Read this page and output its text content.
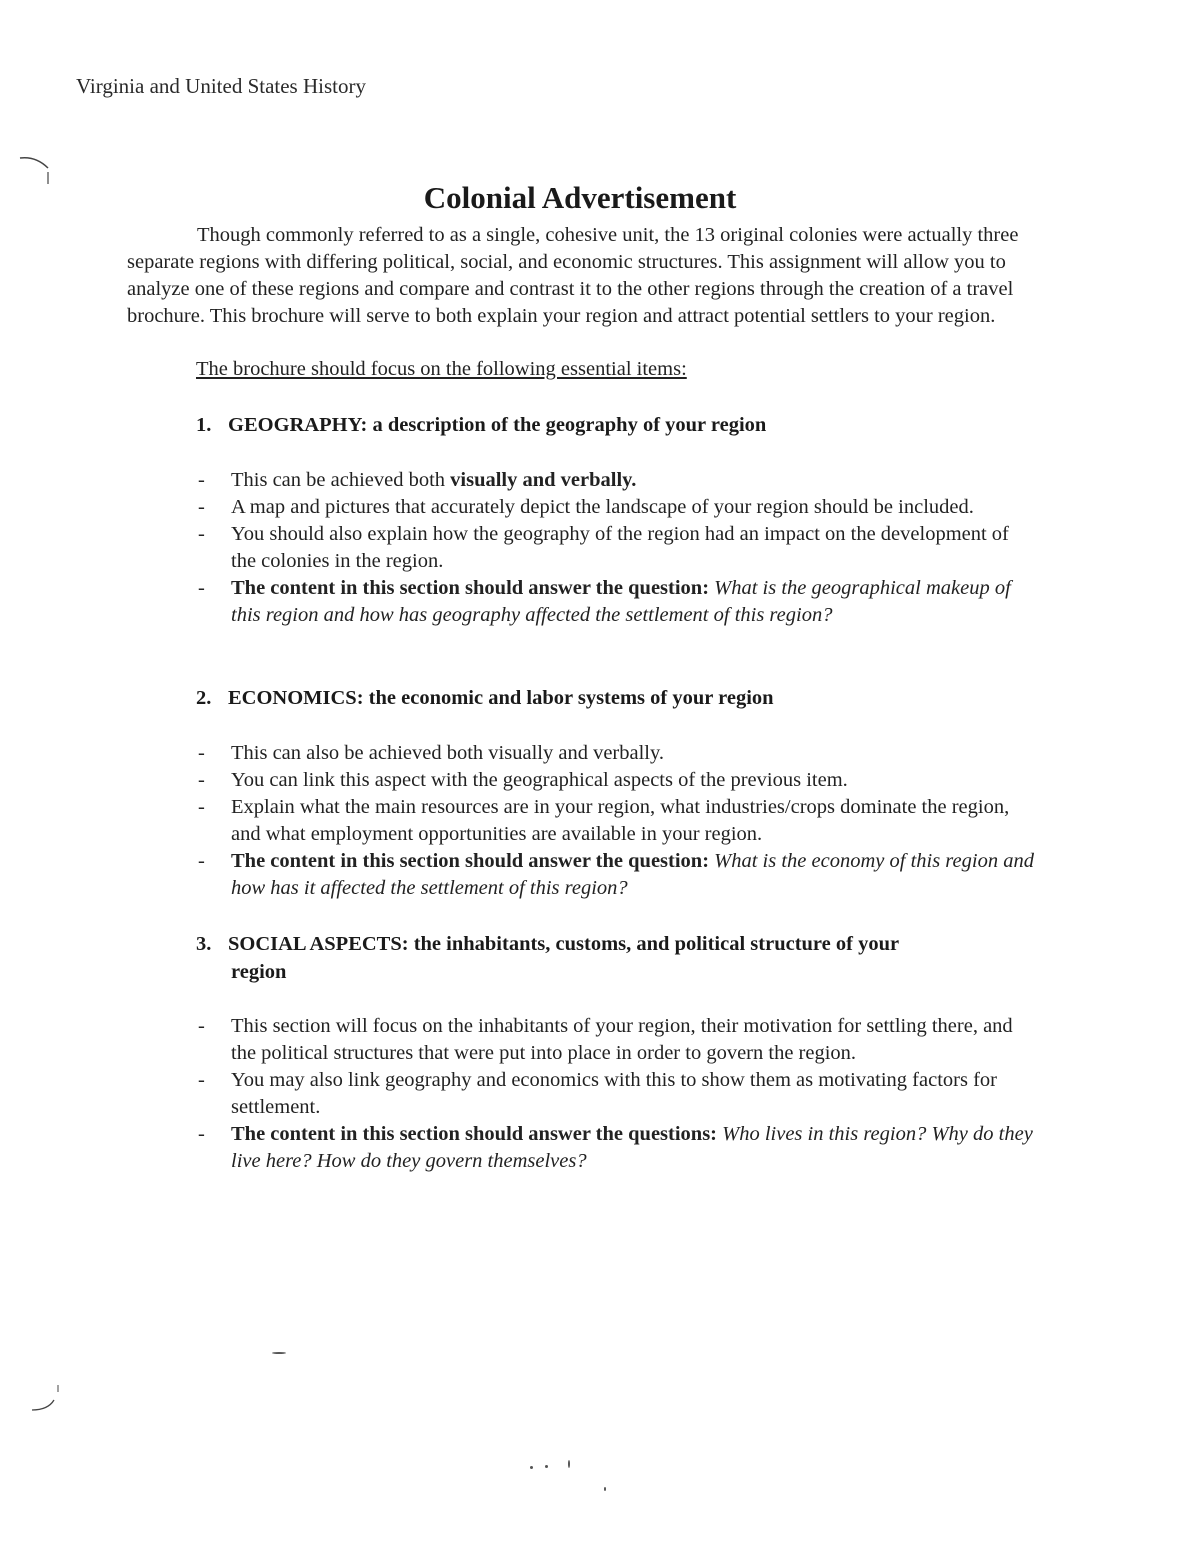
Virginia and United States History
Colonial Advertisement

Though commonly referred to as a single, cohesive unit, the 13 original colonies were actually three separate regions with differing political, social, and economic structures. This assignment will allow you to analyze one of these regions and compare and contrast it to the other regions through the creation of a travel brochure. This brochure will serve to both explain your region and attract potential settlers to your region.

The brochure should focus on the following essential items:
1. GEOGRAPHY: a description of the geography of your region
- This can be achieved both visually and verbally.
- A map and pictures that accurately depict the landscape of your region should be included.
- You should also explain how the geography of the region had an impact on the development of the colonies in the region.
- The content in this section should answer the question: What is the geographical makeup of this region and how has geography affected the settlement of this region?
2. ECONOMICS: the economic and labor systems of your region
- This can also be achieved both visually and verbally.
- You can link this aspect with the geographical aspects of the previous item.
- Explain what the main resources are in your region, what industries/crops dominate the region, and what employment opportunities are available in your region.
- The content in this section should answer the question: What is the economy of this region and how has it affected the settlement of this region?
3. SOCIAL ASPECTS: the inhabitants, customs, and political structure of your
region
- This section will focus on the inhabitants of your region, their motivation for settling there, and the political structures that were put into place in order to govern the region.
- You may also link geography and economics with this to show them as motivating factors for settlement.
- The content in this section should answer the questions: Who lives in this region? Why do they live here? How do they govern themselves?
